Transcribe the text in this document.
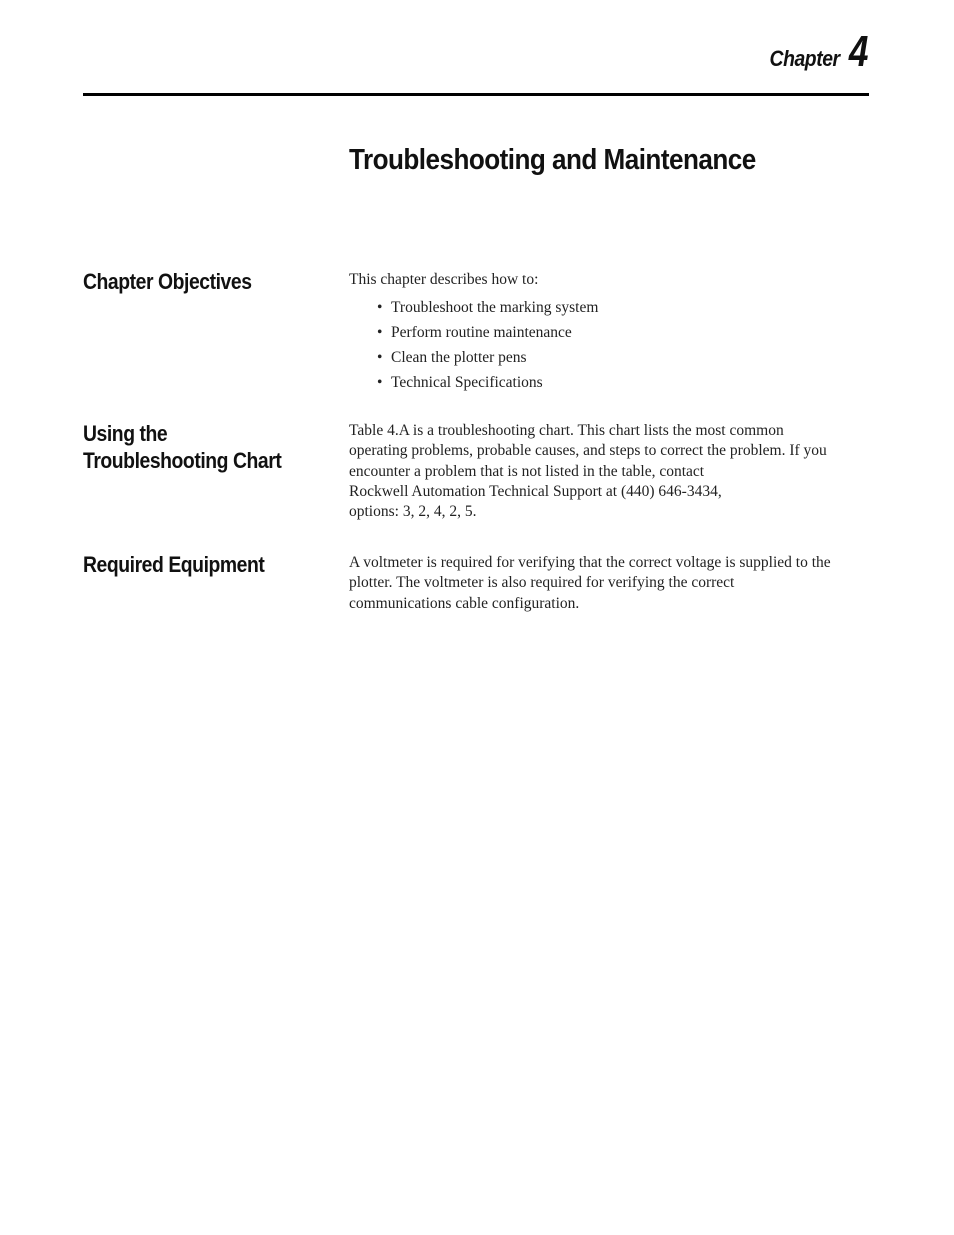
Chapter 4
Troubleshooting and Maintenance
Chapter Objectives	This chapter describes how to:
• Troubleshoot the marking system
• Perform routine maintenance
• Clean the plotter pens
• Technical Specifications
Using the Troubleshooting Chart
Table 4.A is a troubleshooting chart. This chart lists the most common
operating problems, probable causes, and steps to correct the problem. If you
encounter a problem that is not listed in the table, contact
Rockwell Automation Technical Support at (440) 646-3434,
options: 3, 2, 4, 2, 5.
Required Equipment	A voltmeter is required for verifying that the correct voltage is supplied to the
plotter. The voltmeter is also required for verifying the correct
communications cable configuration.
